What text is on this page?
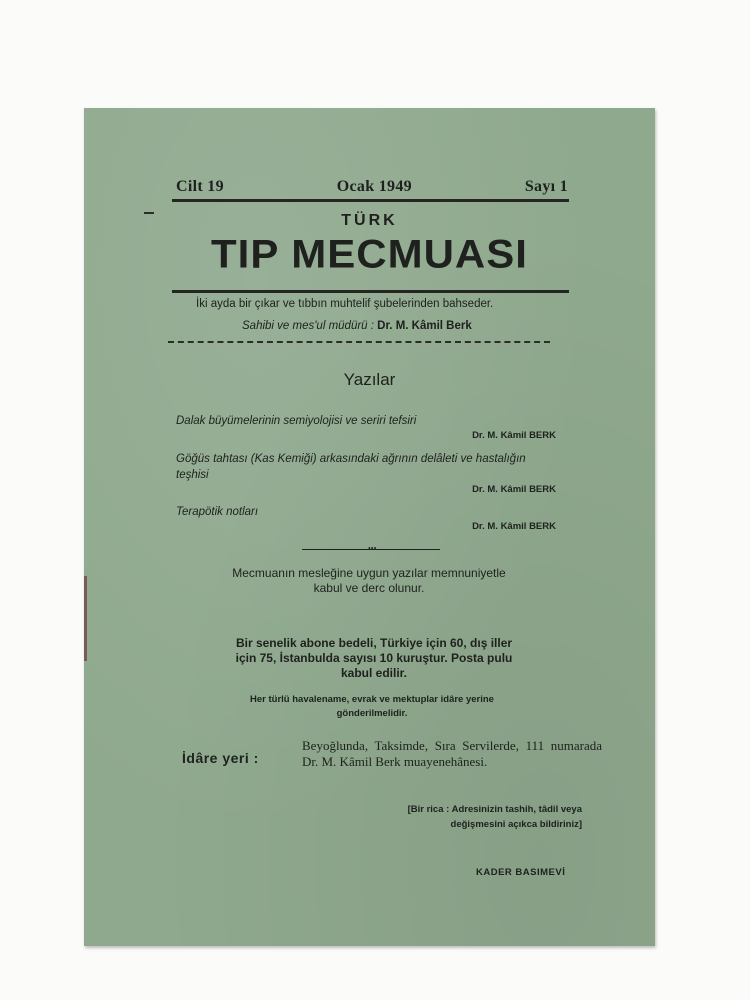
Cilt 19	Ocak 1949	Sayı 1
TÜRK
TIP MECMUASI
İki ayda bir çıkar ve tıbbın muhtelif şubelerinden bahseder.
Sahibi ve mes'ul müdürü : Dr. M. Kâmil Berk
Yazılar
Dalak büyümelerinin semiyolojisi ve seriri tefsiri
Dr. M. Kâmil BERK
Göğüs tahtası (Kas Kemiği) arkasındaki ağrının delâleti ve hastalığın teşhisi
Dr. M. Kâmil BERK
Terapötik notları
Dr. M. Kâmil BERK
•••
Mecmuanın mesleğine uygun yazılar memnuniyetle kabul ve derc olunur.
Bir senelik abone bedeli, Türkiye için 60, dış iller için 75, İstanbulda sayısı 10 kuruştur. Posta pulu kabul edilir.
Her türlü havalename, evrak ve mektuplar idâre yerine gönderilmelidir.
İdâre yeri :
Beyoğlunda, Taksimde, Sıra Servilerde, 111 numarada Dr. M. Kâmil Berk muayenehânesi.
[Bir rica : Adresinizin tashih, tâdil veya değişmesini açıkca bildiriniz]
KADER BASIMEVİ
